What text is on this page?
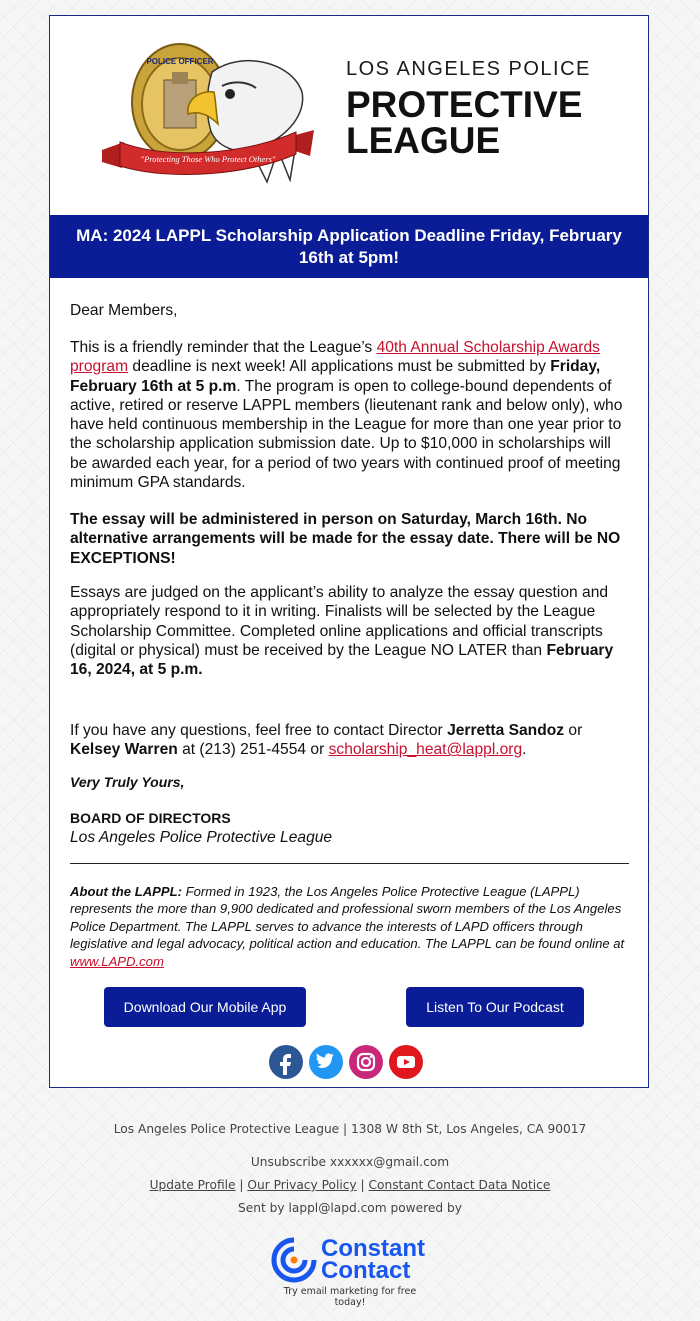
POLICE OFFICER
"Protecting Those Who Protect Others"
LOS ANGELES POLICE
PROTECTIVE
LEAGUE
MA: 2024 LAPPL Scholarship Application Deadline Friday, February 16th at 5pm!

Dear Members,

This is a friendly reminder that the League’s 40th Annual Scholarship Awards program deadline is next week! All applications must be submitted by Friday, February 16th at 5 p.m. The program is open to college-bound dependents of active, retired or reserve LAPPL members (lieutenant rank and below only), who have held continuous membership in the League for more than one year prior to the scholarship application submission date. Up to $10,000 in scholarships will be awarded each year, for a period of two years with continued proof of meeting minimum GPA standards.

The essay will be administered in person on Saturday, March 16th. No alternative arrangements will be made for the essay date. There will be NO EXCEPTIONS!

Essays are judged on the applicant’s ability to analyze the essay question and appropriately respond to it in writing. Finalists will be selected by the League Scholarship Committee. Completed online applications and official transcripts (digital or physical) must be received by the League NO LATER than February 16, 2024, at 5 p.m.

If you have any questions, feel free to contact Director Jerretta Sandoz or Kelsey Warren at (213) 251-4554 or scholarship_heat@lappl.org.

Very Truly Yours,

BOARD OF DIRECTORS

Los Angeles Police Protective League

About the LAPPL: Formed in 1923, the Los Angeles Police Protective League (LAPPL) represents the more than 9,900 dedicated and professional sworn members of the Los Angeles Police Department. The LAPPL serves to advance the interests of LAPD officers through legislative and legal advocacy, political action and education. The LAPPL can be found online at www.LAPD.com

Download Our Mobile App	Listen To Our Podcast
Los Angeles Police Protective League | 1308 W 8th St, Los Angeles, CA 90017
Unsubscribe xxxxxx@gmail.com
Update Profile | Our Privacy Policy | Constant Contact Data Notice
Sent by lappl@lapd.com powered by
Constant
Contact
Try email marketing for free today!
